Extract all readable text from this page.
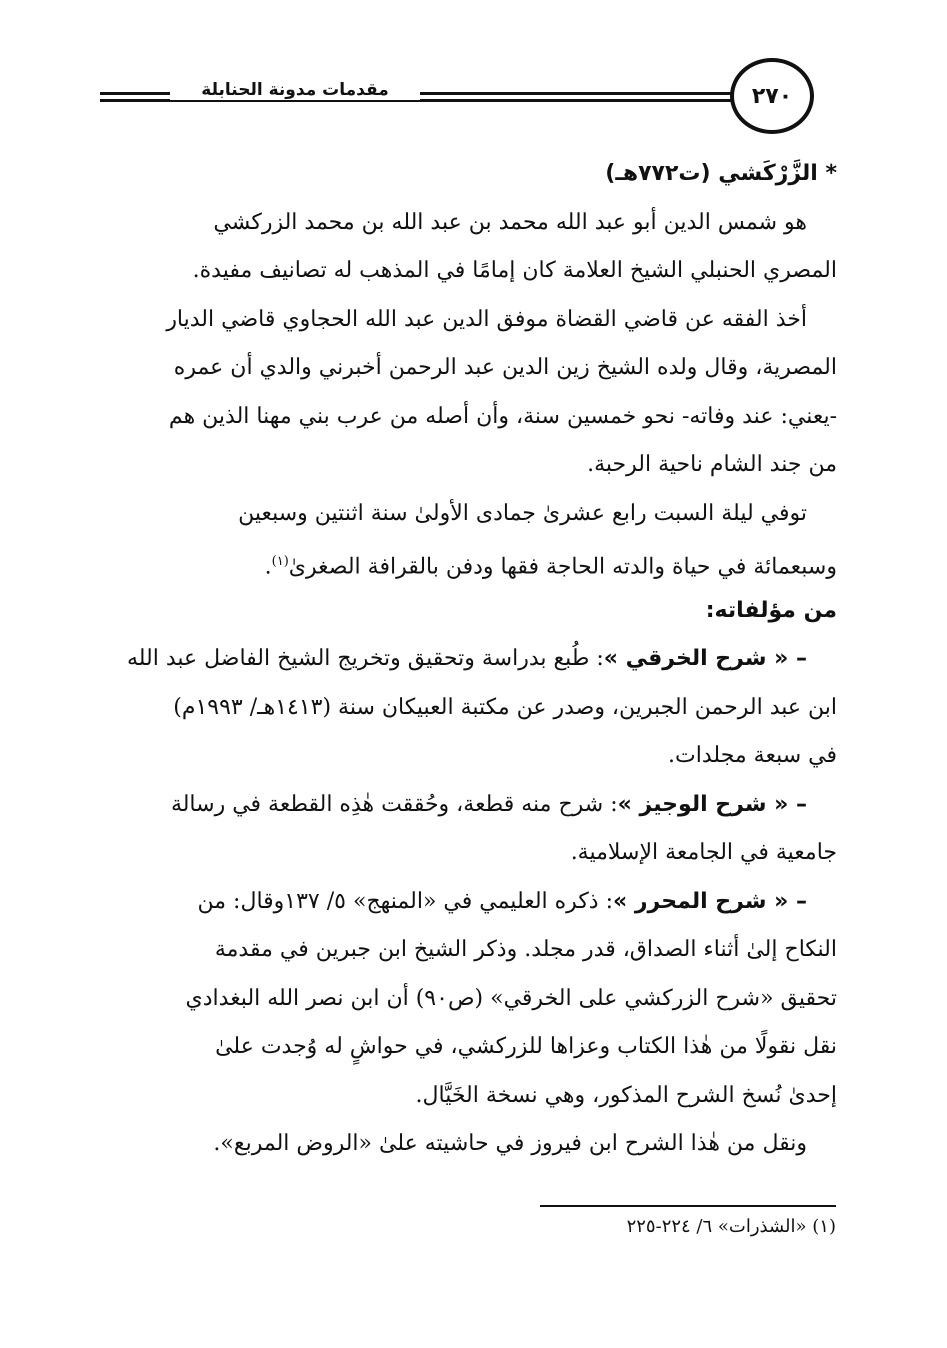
مقدمات مدونة الحنابلة	٢٧٠
* الزَّرْكَشي (ت٧٧٢هـ)
هو شمس الدين أبو عبد الله محمد بن عبد الله بن محمد الزركشي
المصري الحنبلي الشيخ العلامة كان إمامًا في المذهب له تصانيف مفيدة.
أخذ الفقه عن قاضي القضاة موفق الدين عبد الله الحجاوي قاضي الديار
المصرية، وقال ولده الشيخ زين الدين عبد الرحمن أخبرني والدي أن عمره
-يعني: عند وفاته- نحو خمسين سنة، وأن أصله من عرب بني مهنا الذين هم
من جند الشام ناحية الرحبة.
توفي ليلة السبت رابع عشرىٰ جمادى الأولىٰ سنة اثنتين وسبعين
وسبعمائة في حياة والدته الحاجة فقها ودفن بالقرافة الصغرىٰ$^{(١)}$.
من مؤلفاته:
– « شرح الخرقي »: طُبع بدراسة وتحقيق وتخريج الشيخ الفاضل عبد الله
ابن عبد الرحمن الجبرين، وصدر عن مكتبة العبيكان سنة (١٤١٣هـ/ ١٩٩٣م)
في سبعة مجلدات.
– « شرح الوجيز »: شرح منه قطعة، وحُققت هٰذِه القطعة في رسالة
جامعية في الجامعة الإسلامية.
– « شرح المحرر »: ذكره العليمي في «المنهج» ٥/ ١٣٧وقال: من
النكاح إلىٰ أثناء الصداق، قدر مجلد. وذكر الشيخ ابن جبرين في مقدمة
تحقيق «شرح الزركشي على الخرقي» (ص٩٠) أن ابن نصر الله البغدادي
نقل نقولًا من هٰذا الكتاب وعزاها للزركشي، في حواشٍ له وُجدت علىٰ
إحدىٰ نُسخ الشرح المذكور، وهي نسخة الخَيَّال.
ونقل من هٰذا الشرح ابن فيروز في حاشيته علىٰ «الروض المربع».
(١) «الشذرات» ٦/ ٢٢٤-٢٢٥
